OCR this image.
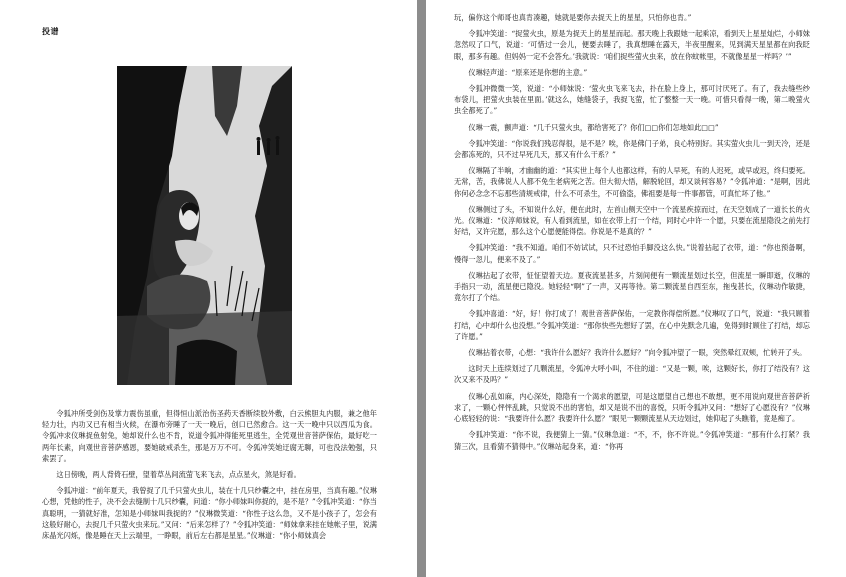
投谱

令狐冲所受剑伤及掌力震伤虽重，但得恒山派治伤圣药天香断续胶外敷，白云熊胆丸内服，兼之他年轻力壮，内功又已有相当火候，在瀑布旁睡了一天一晚后，创口已然愈合。这一天一晚中只以西瓜为食。令狐冲求仪琳捉鱼射兔，她却说什么也不肯，说道令狐冲得能死里逃生，全凭观世音菩萨保佑，最好吃一两年长素，向观世音菩萨感恩，要她破戒杀生，那是万万不可。令狐冲笑她迂腐无聊，可也没法勉强，只索罢了。

这日傍晚，两人背倚石壁，望着草丛间流萤飞来飞去，点点星火，煞是好看。

令狐冲道：“前年夏天，我曾捉了几千只萤火虫儿，装在十几只纱囊之中，挂在房里，当真有趣。”仪琳心想，凭他的性子，决不会去缝制十几只纱囊，问道：“你小师妹叫你捉的，是不是？”令狐冲笑道：“你当真聪明，一猜就好准，怎知是小师妹叫我捉的？”仪琳微笑道：“你性子这么急，又不是小孩子了，怎会有这般好耐心，去捉几千只萤火虫来玩。”又问：“后来怎样了？”令狐冲笑道：“师妹拿来挂在她帐子里，说满床晶光闪烁，像是睡在天上云端里，一睁眼，前后左右都是星星。”仪琳道：“你小师妹真会

玩，偏你这个师哥也真肯凑趣，她就是要你去捉天上的星星，只怕你也肯。”

令狐冲笑道：“捉萤火虫，原是为捉天上的星星而起。那天晚上我跟她一起乘凉，看到天上星星灿烂，小师妹忽然叹了口气，说道：‘可惜过一会儿，便要去睡了，我真想睡在露天，半夜里醒来，见到满天星星都在向我眨眼，那多有趣。但妈妈一定不会答允。’我就说：‘咱们捉些萤火虫来，放在你蚊帐里，不就像星星一样吗？’”

仪琳轻声道：“原来还是你想的主意。”

令狐冲微微一笑，说道：“小师妹说：‘萤火虫飞来飞去，扑在脸上身上，那可讨厌死了。有了，我去缝些纱布袋儿，把萤火虫装在里面。’就这么，她缝袋子，我捉飞萤，忙了整整一天一晚。可惜只看得一晚，第二晚萤火虫全都死了。”

仪琳一震，颤声道：“几千只萤火虫，都给害死了？你们□□你们怎地如此□□”

令狐冲笑道：“你说我们残忍得很，是不是？唉，你是佛门子弟，良心特别好。其实萤火虫儿一到天冷，还是会都冻死的，只不过早死几天，那又有什么干系？”

仪琳隔了半晌，才幽幽的道：“其实世上每个人也都这样，有的人早死，有的人迟死，或早或迟，终归要死。无常，苦，我佛说人人都不免生老病死之苦。但大彻大悟，解脱轮回，却又谈何容易？”令狐冲道：“是啊，因此你何必念念不忘那些清规戒律，什么不可杀生，不可偷盗，佛祖要是每一件事都管，可真忙坏了他。”

仪琳侧过了头，不知说什么好，便在此时，左首山侧天空中一个流星疾掠而过，在天空划成了一道长长的火光。仪琳道：“仪淳师妹说，有人看到流星，如在衣带上打一个结，同时心中许一个愿，只要在流星隐没之前先打好结，又许完愿，那么这个心愿便能得偿。你说是不是真的？”

令狐冲笑道：“我不知道。咱们不妨试试，只不过恐怕手脚没这么快。”说着拈起了衣带，道：“你也预备啊，慢得一忽儿，便来不及了。”

仪琳拈起了衣带，怔怔望着天边。夏夜流星甚多，片刻间便有一颗流星划过长空，但流星一瞬即逝，仪琳的手指只一动，流星便已隐没。她轻轻“啊”了一声，又再等待。第二颗流星自西至东，拖曳甚长，仪琳动作敏捷，竟尔打了个结。

令狐冲喜道：“好，好！你打成了！观世音菩萨保佑，一定教你得偿所愿。”仪琳叹了口气，说道：“我只顾着打结，心中却什么也没想。”令狐冲笑道：“那你快些先想好了罢，在心中先默念几遍，免得到时顾住了打结，却忘了许愿。”

仪琳拈着衣带，心想：“我许什么愿好？我许什么愿好？”向令狐冲望了一眼，突然晕红双颊，忙转开了头。

这时天上连续划过了几颗流星，令狐冲大呼小叫，不住的道：“又是一颗，唉，这颗好长，你打了结没有？这次又来不及吗？”

仪琳心乱如麻，内心深处，隐隐有一个渴求的愿望，可是这愿望自己想也不敢想，更不用说向观世音菩萨祈求了，一颗心怦怦乱跳，只觉说不出的害怕，却又是说不出的喜悦，只听令狐冲又问：“想好了心愿没有？”仪琳心底轻轻的说：“我要许什么愿？我要许什么愿？”眼见一颗颗流星从天边划过，她仰起了头瞧着，竟是痴了。

令狐冲笑道：“你不说，我便猜上一猜。”仪琳急道：“不，不，你不许说。”令狐冲笑道：“那有什么打紧？我猜三次，且看猜不猜得中。”仪琳站起身来，道：“你再
